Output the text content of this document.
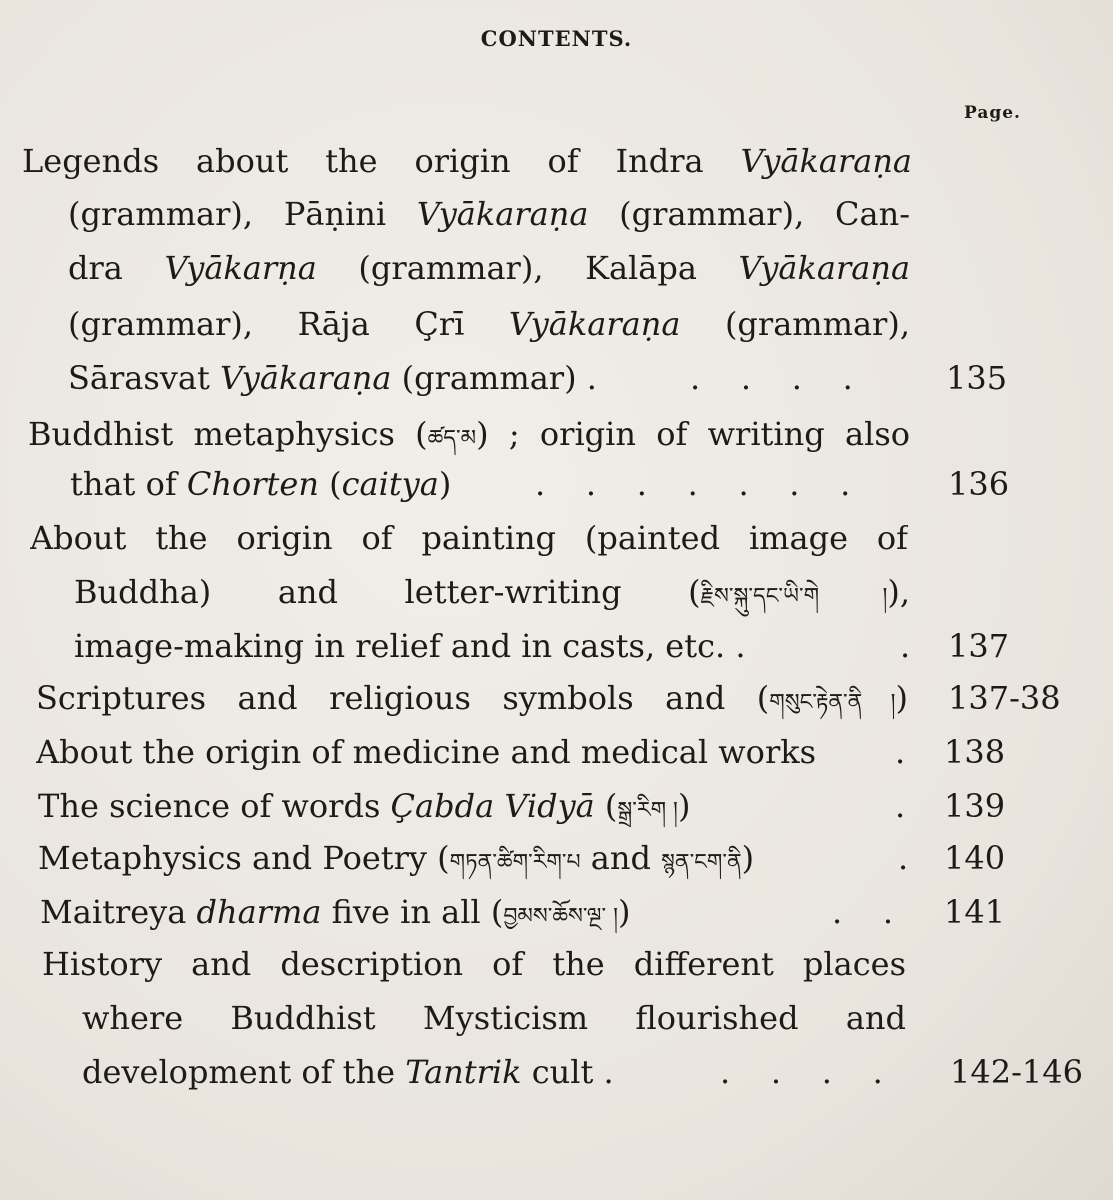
CONTENTS.
Page.
Legends about the origin of Indra Vyākaraṇa
(grammar), Pāṇini Vyākaraṇa (grammar), Can-
dra Vyākarṇa (grammar), Kalāpa Vyākaraṇa
(grammar), Rāja Çrī Vyākaraṇa (grammar),
Sārasvat Vyākaraṇa (grammar) .	.    .    .    .	135
Buddhist metaphysics (ཚད་མ) ; origin of writing also
that of Chorten (caitya)	.    .    .    .    .    .    .	136
About the origin of painting (painted image of
Buddha) and letter-writing (རྗིས་སྐུ་དང་ཡི་གེ །),
image-making in relief and in casts, etc. .	. 137
Scriptures and religious symbols and (གསུང་རྟེན་ནི །) 137-38
About the origin of medicine and medical works	. 138
The science of words Çabda Vidyā (སྒྲ་རིག །)	. 139
Metaphysics and Poetry (གཏན་ཚིག་རིག་པ and སྙན་ངག་ནི)	. 140
Maitreya dharma five in all (བྱམས་ཆོས་ལྔ་ །)	.    . 141
History and description of the different places
where Buddhist Mysticism flourished and
development of the Tantrik cult .	.    .    .    . 142-146
